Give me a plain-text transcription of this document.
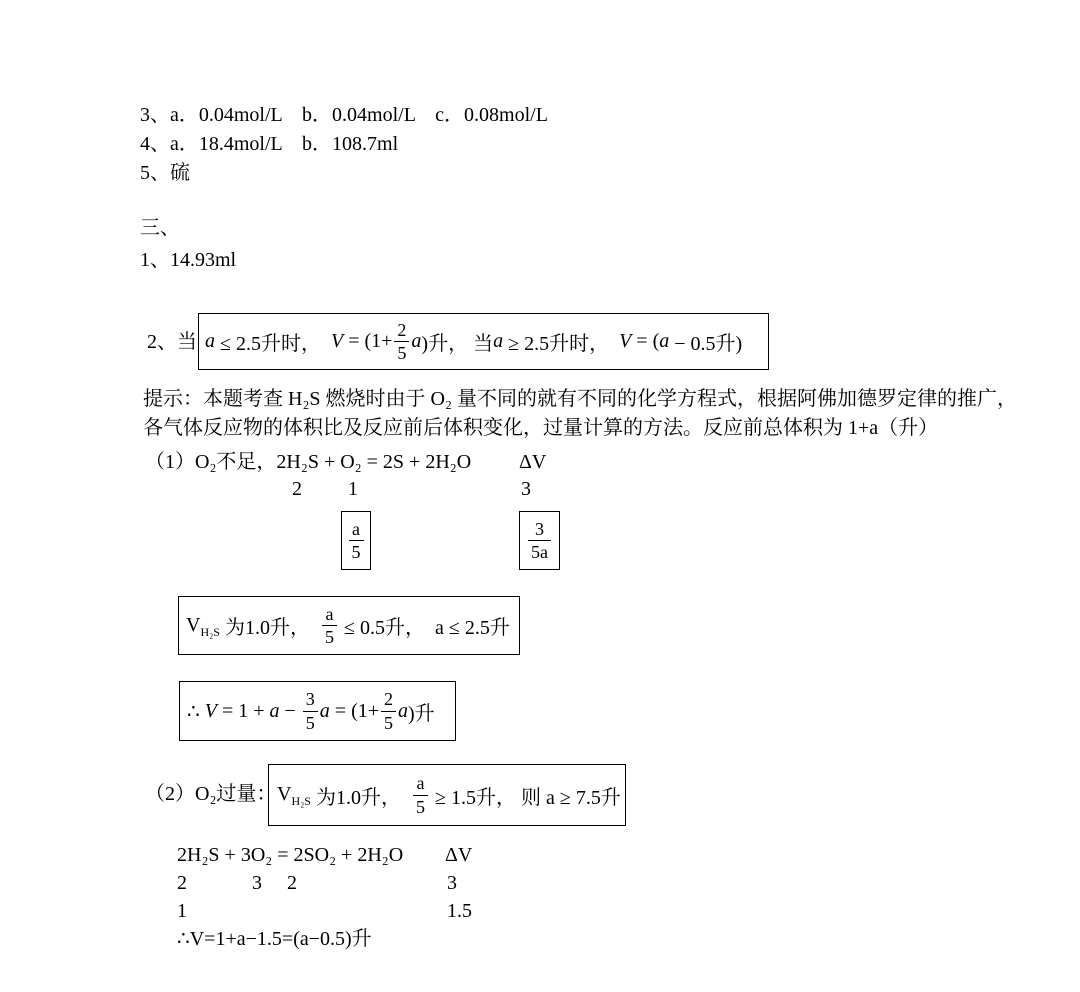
3、a．0.04mol/L    b．0.04mol/L    c．0.08mol/L
4、a．18.4mol/L    b．108.7ml
5、硫
三、
1、14.93ml
2、当 a ≤ 2.5升时， $V = (1+ \frac{2}{5}$ a )升， 当 a ≥ 2.5升时， V = ( a − 0.5升)
提示：本题考查 H₂S 燃烧时由于 O₂ 量不同的就有不同的化学方程式，根据阿佛加德罗定律的推广，
各气体反应物的体积比及反应前后体积变化，过量计算的方法。反应前总体积为 1+a（升）
（1）O₂不足，2H₂S + O₂ = 2S + 2H₂O ΔV
2 1	3
$\frac{a}{5}$	$\frac{3}{5a}$
$V_{H_2S}$ 为1.0升， $\frac{a}{5} \le 0.5$升，  a ≤ 2.5升
∴ $V = 1 + a - \frac{3}{5}$ $a = (1+ \frac{2}{5}$ a )升
（2）O₂过量： $V_{H_2S}$ 为1.0升， $\frac{a}{5} \ge 1.5$升， 则 a ≥ 7.5升
2H₂S + 3O₂ = 2SO₂ + 2H₂O ΔV
2	3 2	3
1	1.5
∴V=1+a−1.5=(a−0.5)升
